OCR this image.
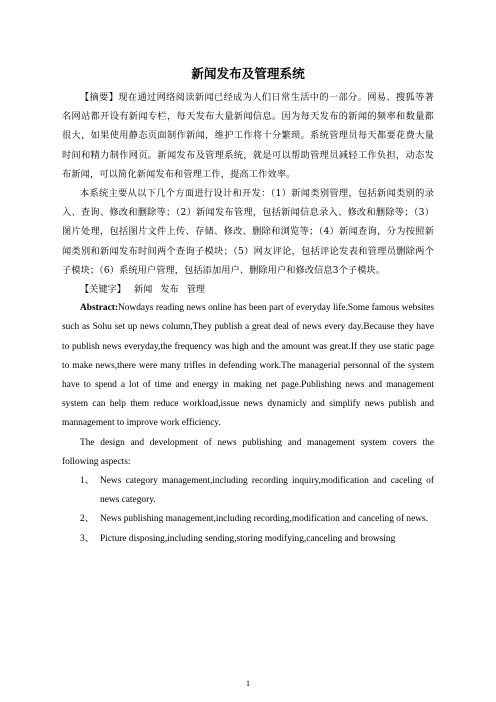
新闻发布及管理系统

【摘要】现在通过网络阅读新闻已经成为人们日常生活中的一部分。网易、搜狐等著名网站都开设有新闻专栏，每天发布大量新闻信息。因为每天发布的新闻的频率和数量都很大，如果使用静态页面制作新闻，维护工作将十分繁琐。系统管理员每天都要花费大量时间和精力制作网页。新闻发布及管理系统，就是可以帮助管理员减轻工作负担，动态发布新闻，可以简化新闻发布和管理工作，提高工作效率。

本系统主要从以下几个方面进行设计和开发：（1）新闻类别管理，包括新闻类别的录入、查询、修改和删除等；（2）新闻发布管理，包括新闻信息录入、修改和删除等；（3）图片处理，包括图片文件上传、存储、修改、删除和浏览等；（4）新闻查询，分为按照新闻类别和新闻发布时间两个查询子模块；（5）网友评论，包括评论发表和管理员删除两个子模块；（6）系统用户管理，包括添加用户、删除用户和修改信息3个子模块。

【关键字】 新闻 发布 管理

Abstract:Nowdays reading news online has been part of everyday life.Some famous websites such as Sohu set up news column,They publish a great deal of news every day.Because they have to publish news everyday,the frequency was high and the amount was great.If they use static page to make news,there were many trifles in defending work.The managerial personnal of the system have to spend a lot of time and energy in making net page.Publishing news and management system can help them reduce workload,issue news dynamicly and simplify news publish and mannagement to improve work efficiency.

The design and development of news publishing and management system covers the following aspects:

1、 News category management,including recording inquiry,modification and caceling of news category.
2、 News publishing management,including recording,modification and canceling of news.
3、 Picture disposing,including sending,storing modifying,canceling and browsing
1
